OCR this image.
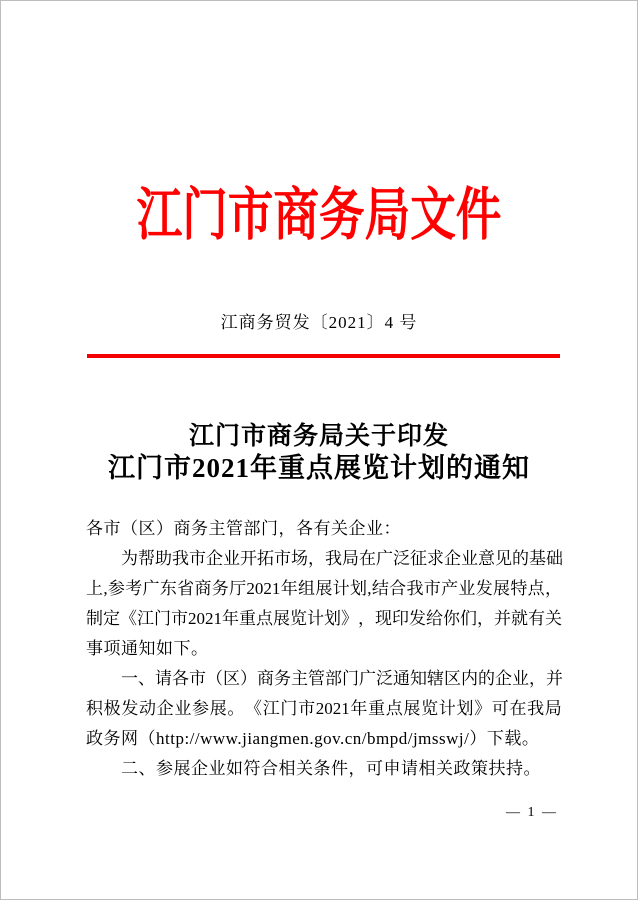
江门市商务局文件
江商务贸发〔2021〕4 号
江门市商务局关于印发
江门市2021年重点展览计划的通知
各市（区）商务主管部门，各有关企业：
为 帮 助 我 市 企 业 开 拓 市 场 ， 我 局 在 广 泛 征 求 企 业 意 见 的 基 础
上 , 参 考 广 东 省 商 务 厅 2021 年 组 展 计 划 , 结 合 我 市 产 业 发 展 特 点 ，
制 定 《 江 门 市 2021 年 重 点 展 览 计 划 》 ， 现 印 发 给 你 们 ， 并 就 有 关
事项通知如下。
一 、 请 各 市 （ 区 ） 商 务 主 管 部 门 广 泛 通 知 辖 区 内 的 企 业 ， 并
积 极 发 动 企 业 参 展 。 《 江 门 市 2021 年 重 点 展 览 计 划 》 可 在 我 局
政务网（http://www.jiangmen.gov.cn/bmpd/jmsswj/）下载。
二、参展企业如符合相关条件，可申请相关政策扶持。
— 1 —
